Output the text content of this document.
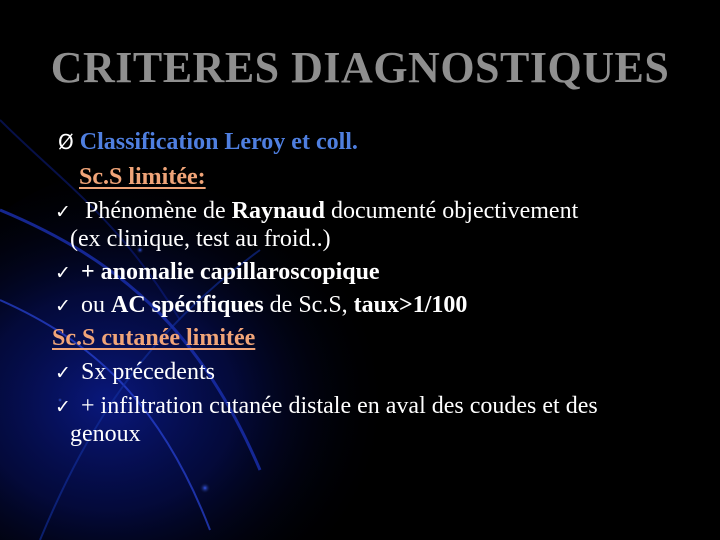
CRITERES DIAGNOSTIQUES
Ø Classification Leroy et coll.
Sc.S limitée:
✓ Phénomène de Raynaud documenté objectivement
(ex clinique, test au froid..)
✓ + anomalie capillaroscopique
✓ ou AC spécifiques de Sc.S, taux>1/100
Sc.S cutanée limitée
✓ Sx précedents
✓ + infiltration cutanée distale en aval des coudes et des
genoux
